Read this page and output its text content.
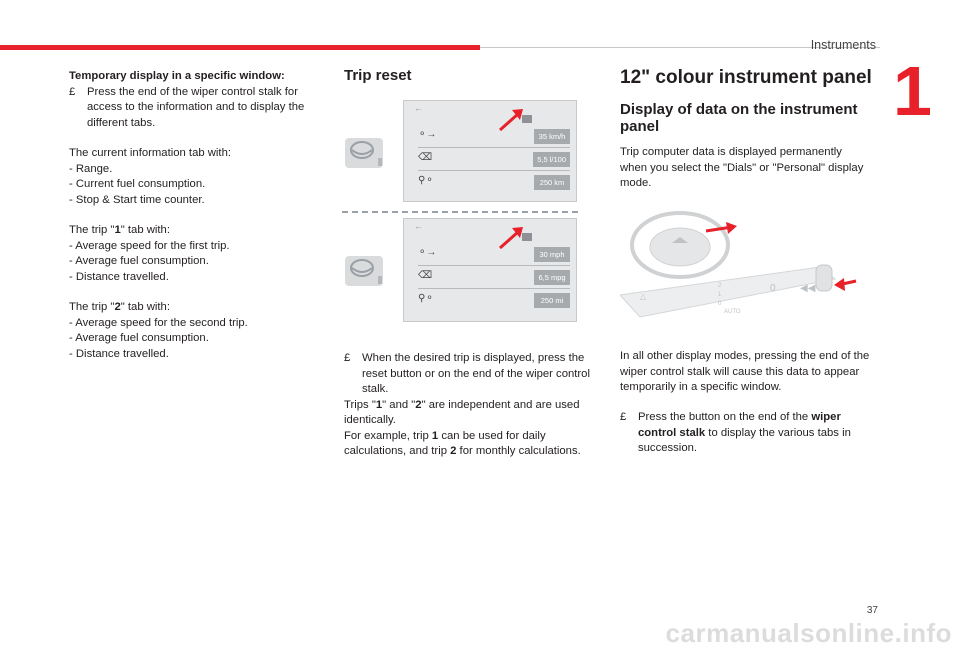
Instruments
1

Temporary display in a specific window:

£ Press the end of the wiper control stalk for access to the information and to display the different tabs.

The current information tab with:

- Range.

- Current fuel consumption.

- Stop & Start time counter.

The trip "1" tab with:

- Average speed for the first trip.

- Average fuel consumption.

- Distance travelled.

The trip "2" tab with:

- Average speed for the second trip.

- Average fuel consumption.

- Distance travelled.

Trip reset
←
⚬→	35 km/h
⌫	5,5 l/100
⚲⚬	250 km
←
⚬→	30 mph
⌫	6,5 mpg
⚲⚬	250 mi
£ When the desired trip is displayed, press the reset button or on the end of the wiper control stalk.

Trips "1" and "2" are independent and are used identically.

For example, trip 1 can be used for daily calculations, and trip 2 for monthly calculations.

12" colour instrument panel
Display of data on the instrument panel

Trip computer data is displayed permanently when you select the "Dials" or "Personal" display mode.

△
2
1
0
AUTO
0 ◀◀

In all other display modes, pressing the end of the wiper control stalk will cause this data to appear temporarily in a specific window.

£ Press the button on the end of the wiper control stalk to display the various tabs in succession.
37
carmanualsonline.info
